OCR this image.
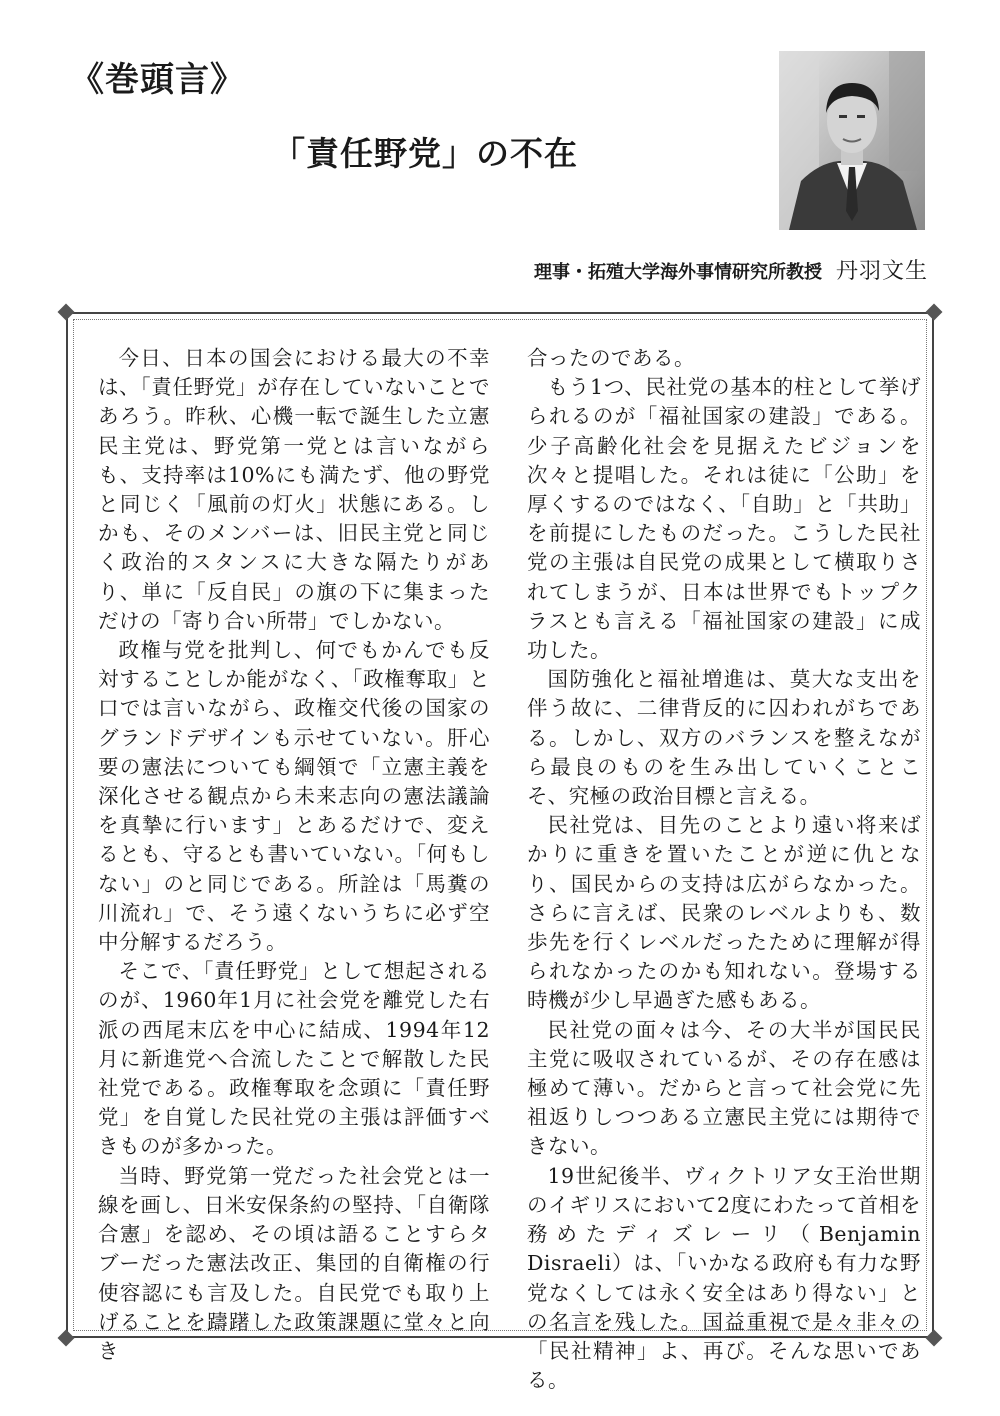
《巻頭言》
「責任野党」の不在
理事・拓殖大学海外事情研究所教授 丹羽文生

今日、日本の国会における最大の不幸は、「責任野党」が存在していないことであろう。昨秋、心機一転で誕生した立憲民主党は、野党第一党とは言いながらも、支持率は10%にも満たず、他の野党と同じく「風前の灯火」状態にある。しかも、そのメンバーは、旧民主党と同じく政治的スタンスに大きな隔たりがあり、単に「反自民」の旗の下に集まっただけの「寄り合い所帯」でしかない。

政権与党を批判し、何でもかんでも反対することしか能がなく、「政権奪取」と口では言いながら、政権交代後の国家のグランドデザインも示せていない。肝心要の憲法についても綱領で「立憲主義を深化させる観点から未来志向の憲法議論を真摯に行います」とあるだけで、変えるとも、守るとも書いていない。「何もしない」のと同じである。所詮は「馬糞の川流れ」で、そう遠くないうちに必ず空中分解するだろう。

そこで、「責任野党」として想起されるのが、1960年1月に社会党を離党した右派の西尾末広を中心に結成、1994年12月に新進党へ合流したことで解散した民社党である。政権奪取を念頭に「責任野党」を自覚した民社党の主張は評価すべきものが多かった。

当時、野党第一党だった社会党とは一線を画し、日米安保条約の堅持、「自衛隊合憲」を認め、その頃は語ることすらタブーだった憲法改正、集団的自衛権の行使容認にも言及した。自民党でも取り上げることを躊躇した政策課題に堂々と向き

合ったのである。

もう1つ、民社党の基本的柱として挙げられるのが「福祉国家の建設」である。少子高齢化社会を見据えたビジョンを次々と提唱した。それは徒に「公助」を厚くするのではなく、「自助」と「共助」を前提にしたものだった。こうした民社党の主張は自民党の成果として横取りされてしまうが、日本は世界でもトップクラスとも言える「福祉国家の建設」に成功した。

国防強化と福祉増進は、莫大な支出を伴う故に、二律背反的に囚われがちである。しかし、双方のバランスを整えながら最良のものを生み出していくことこそ、究極の政治目標と言える。

民社党は、目先のことより遠い将来ばかりに重きを置いたことが逆に仇となり、国民からの支持は広がらなかった。さらに言えば、民衆のレベルよりも、数歩先を行くレベルだったために理解が得られなかったのかも知れない。登場する時機が少し早過ぎた感もある。

民社党の面々は今、その大半が国民民主党に吸収されているが、その存在感は極めて薄い。だからと言って社会党に先祖返りしつつある立憲民主党には期待できない。

19世紀後半、ヴィクトリア女王治世期のイギリスにおいて2度にわたって首相を務めたディズレーリ（Benjamin Disraeli）は、「いかなる政府も有力な野党なくしては永く安全はあり得ない」との名言を残した。国益重視で是々非々の「民社精神」よ、再び。そんな思いである。
